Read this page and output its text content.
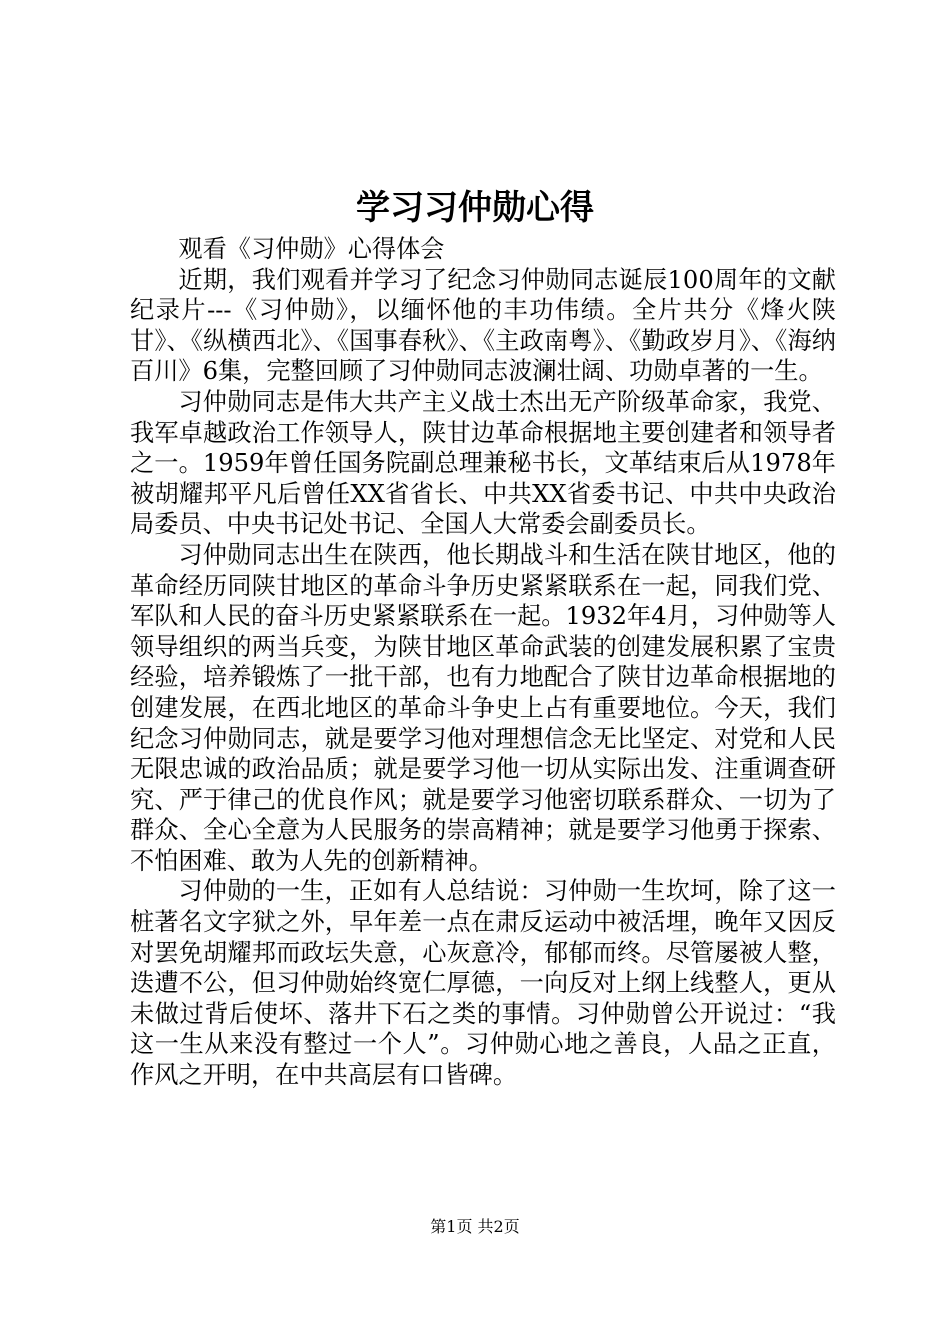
学习习仲勋心得

观看《习仲勋》心得体会

近期，我们观看并学习了纪念习仲勋同志诞辰100周年的文献纪录片---《习仲勋》，以缅怀他的丰功伟绩。全片共分《烽火陕甘》、《纵横西北》、《国事春秋》、《主政南粤》、《勤政岁月》、《海纳百川》6集，完整回顾了习仲勋同志波澜壮阔、功勋卓著的一生。

习仲勋同志是伟大共产主义战士杰出无产阶级革命家，我党、我军卓越政治工作领导人，陕甘边革命根据地主要创建者和领导者之一。1959年曾任国务院副总理兼秘书长，文革结束后从1978年被胡耀邦平凡后曾任XX省省长、中共XX省委书记、中共中央政治局委员、中央书记处书记、全国人大常委会副委员长。

习仲勋同志出生在陕西，他长期战斗和生活在陕甘地区，他的革命经历同陕甘地区的革命斗争历史紧紧联系在一起，同我们党、军队和人民的奋斗历史紧紧联系在一起。1932年4月，习仲勋等人领导组织的两当兵变，为陕甘地区革命武装的创建发展积累了宝贵经验，培养锻炼了一批干部，也有力地配合了陕甘边革命根据地的创建发展，在西北地区的革命斗争史上占有重要地位。今天，我们纪念习仲勋同志，就是要学习他对理想信念无比坚定、对党和人民无限忠诚的政治品质；就是要学习他一切从实际出发、注重调查研究、严于律己的优良作风；就是要学习他密切联系群众、一切为了群众、全心全意为人民服务的崇高精神；就是要学习他勇于探索、不怕困难、敢为人先的创新精神。

习仲勋的一生，正如有人总结说：习仲勋一生坎坷，除了这一桩著名文字狱之外，早年差一点在肃反运动中被活埋，晚年又因反对罢免胡耀邦而政坛失意，心灰意冷，郁郁而终。尽管屡被人整，迭遭不公，但习仲勋始终宽仁厚德，一向反对上纲上线整人，更从未做过背后使坏、落井下石之类的事情。习仲勋曾公开说过：“我这一生从来没有整过一个人”。习仲勋心地之善良，人品之正直，作风之开明，在中共高层有口皆碑。

第1页 共2页
